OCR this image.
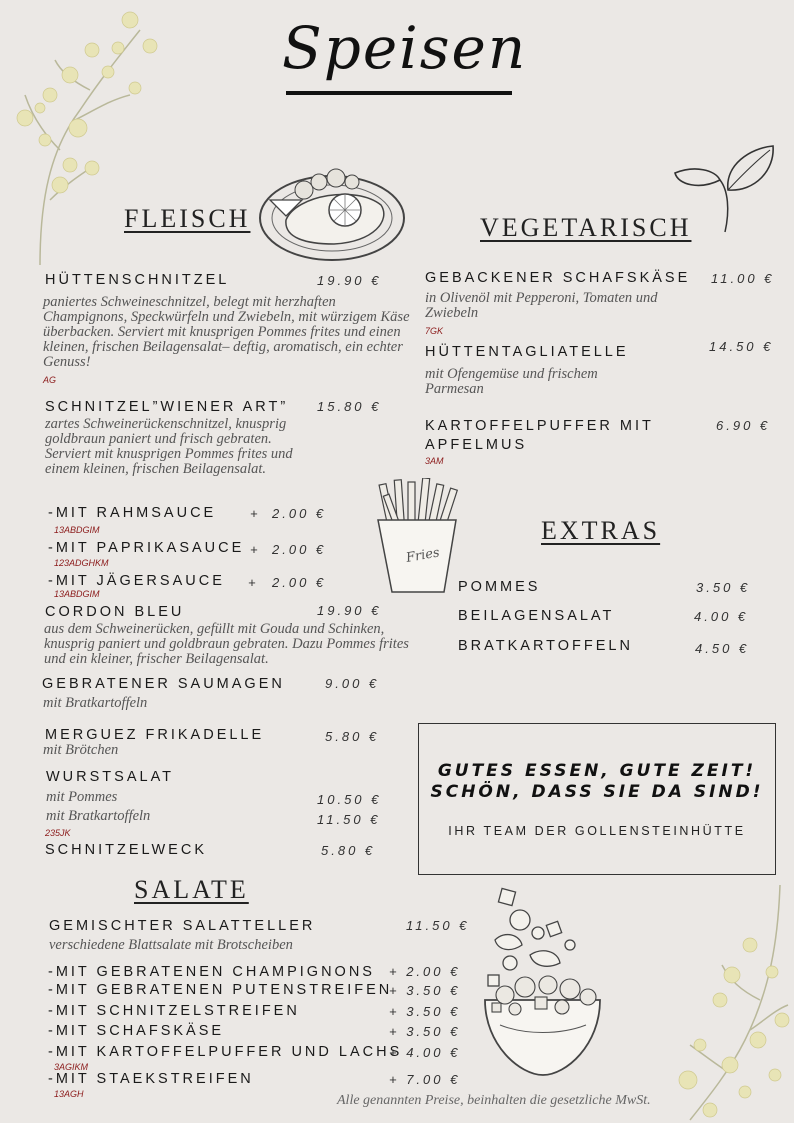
Speisen
Fries
FLEISCH	VEGETARISCH
EXTRAS
SALATE
HÜTTENSCHNITZEL	19.90 €
paniertes Schweineschnitzel, belegt mit herzhaften Champignons, Speckwürfeln und Zwiebeln, mit würzigem Käse überbacken. Serviert mit knusprigen Pommes frites und einen kleinen, frischen Beilagensalat– deftig, aromatisch, ein echter Genuss!
AG
SCHNITZEL”WIENER ART” 15.80 €
zartes Schweinerückenschnitzel, knusprig goldbraun paniert und frisch gebraten. Serviert mit knusprigen Pommes frites und einem kleinen, frischen Beilagensalat.
-MIT RAHMSAUCE	+ 2.00 €
13ABDGIM
-MIT PAPRIKASAUCE + 2.00 €
123ADGHKM
-MIT JÄGERSAUCE + 2.00 €
13ABDGIM
CORDON BLEU	19.90 €
aus dem Schweinerücken, gefüllt mit Gouda und Schinken, knusprig paniert und goldbraun gebraten. Dazu Pommes frites und ein kleiner, frischer Beilagensalat.
GEBRATENER SAUMAGEN	9.00 €
mit Bratkartoffeln
MERGUEZ FRIKADELLE	5.80 €
mit Brötchen
WURSTSALAT
mit Pommes	10.50 €
mit Bratkartoffeln	11.50 €
235JK
SCHNITZELWECK	5.80 €
GEBACKENER SCHAFSKÄSE 11.00 €
in Olivenöl mit Pepperoni, Tomaten und Zwiebeln
7GK
HÜTTENTAGLIATELLE	14.50 €
mit Ofengemüse und frischem Parmesan
KARTOFFELPUFFER MIT
APFELMUS
6.90 €
3AM
POMMES	3.50 €
BEILAGENSALAT	4.00 €
BRATKARTOFFELN	4.50 €
GUTES ESSEN, GUTE ZEIT!
SCHÖN, DASS SIE DA SIND!
IHR TEAM DER GOLLENSTEINHÜTTE
GEMISCHTER SALATTELLER	11.50 €
verschiedene Blattsalate mit Brotscheiben
-MIT GEBRATENEN CHAMPIGNONS + 2.00 €
-MIT GEBRATENEN PUTENSTREIFEN
+ 3.50 €
-MIT SCHNITZELSTREIFEN	+ 3.50 €
-MIT SCHAFSKÄSE	+ 3.50 €
-MIT KARTOFFELPUFFER UND LACHS
+ 4.00 €
3AGIKM
-MIT STAEKSTREIFEN	+ 7.00 €
13AGH	Alle genannten Preise, beinhalten die gesetzliche MwSt.
